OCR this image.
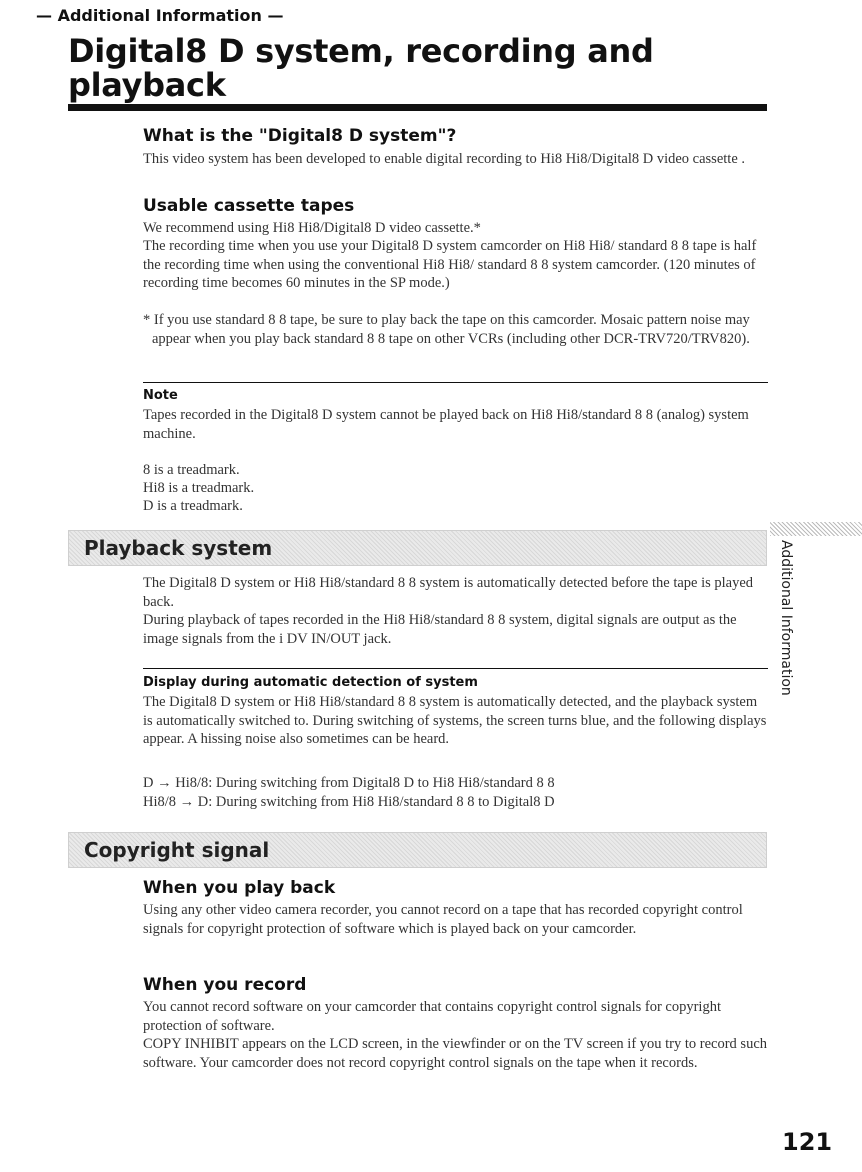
— Additional Information —
Digital8 D system, recording and
playback
What is the "Digital8 D system"?

This video system has been developed to enable digital recording to Hi8 Hi8/Digital8 D video cassette .

Usable cassette tapes

We recommend using Hi8 Hi8/Digital8 D video cassette.*

The recording time when you use your Digital8 D system camcorder on Hi8 Hi8/ standard 8 8 tape is half the recording time when using the conventional Hi8 Hi8/ standard 8 8 system camcorder. (120 minutes of recording time becomes 60 minutes in the SP mode.)

* If you use standard 8 8 tape, be sure to play back the tape on this camcorder. Mosaic pattern noise may appear when you play back standard 8 8 tape on other VCRs (including other DCR-TRV720/TRV820).

Note

Tapes recorded in the Digital8 D system cannot be played back on Hi8 Hi8/standard 8 8 (analog) system machine.

8 is a treadmark.

Hi8 is a treadmark.

D is a treadmark.

Playback system	Additional Information

The Digital8 D system or Hi8 Hi8/standard 8 8 system is automatically detected before the tape is played back.

During playback of tapes recorded in the Hi8 Hi8/standard 8 8 system, digital signals are output as the image signals from the i DV IN/OUT jack.

Display during automatic detection of system

The Digital8 D system or Hi8 Hi8/standard 8 8 system is automatically detected, and the playback system is automatically switched to. During switching of systems, the screen turns blue, and the following displays appear. A hissing noise also sometimes can be heard.

D → Hi8/8: During switching from Digital8 D to Hi8 Hi8/standard 8 8

Hi8/8 → D: During switching from Hi8 Hi8/standard 8 8 to Digital8 D

Copyright signal
When you play back

Using any other video camera recorder, you cannot record on a tape that has recorded copyright control signals for copyright protection of software which is played back on your camcorder.

When you record

You cannot record software on your camcorder that contains copyright control signals for copyright protection of software.

COPY INHIBIT appears on the LCD screen, in the viewfinder or on the TV screen if you try to record such software. Your camcorder does not record copyright control signals on the tape when it records.

121
